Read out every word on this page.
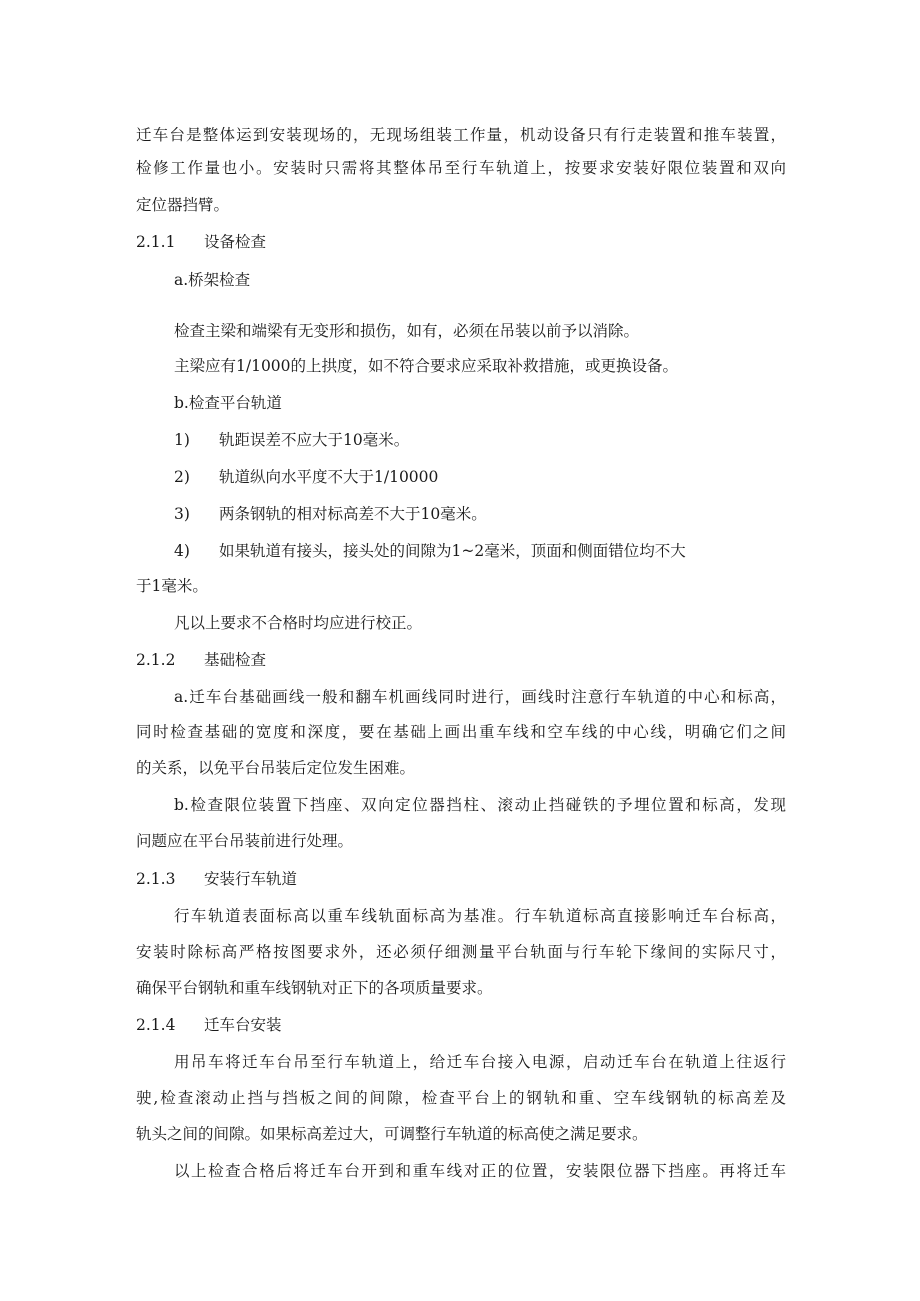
迁车台是整体运到安装现场的，无现场组装工作量，机动设备只有行走装置和推车装置，
检修工作量也小。安装时只需将其整体吊至行车轨道上，按要求安装好限位装置和双向
定位器挡臂。
2.1.1 设备检查
a.桥架检查
检查主梁和端梁有无变形和损伤，如有，必须在吊装以前予以消除。
主梁应有1/1000的上拱度，如不符合要求应采取补救措施，或更换设备。
b.检查平台轨道
1) 轨距误差不应大于10毫米。
2) 轨道纵向水平度不大于1/10000
3) 两条钢轨的相对标高差不大于10毫米。
4) 如果轨道有接头，接头处的间隙为1~2毫米，顶面和侧面错位均不大
于1毫米。
凡以上要求不合格时均应进行校正。
2.1.2 基础检查
a.迁车台基础画线一般和翻车机画线同时进行，画线时注意行车轨道的中心和标高，
同时检查基础的宽度和深度，要在基础上画出重车线和空车线的中心线，明确它们之间
的关系，以免平台吊装后定位发生困难。
b.检查限位装置下挡座、双向定位器挡柱、滚动止挡碰铁的予埋位置和标高，发现
问题应在平台吊装前进行处理。
2.1.3 安装行车轨道
行车轨道表面标高以重车线轨面标高为基准。行车轨道标高直接影响迁车台标高，
安装时除标高严格按图要求外，还必须仔细测量平台轨面与行车轮下缘间的实际尺寸，
确保平台钢轨和重车线钢轨对正下的各项质量要求。
2.1.4 迁车台安装
用吊车将迁车台吊至行车轨道上，给迁车台接入电源，启动迁车台在轨道上往返行
驶,检查滚动止挡与挡板之间的间隙，检查平台上的钢轨和重、空车线钢轨的标高差及
轨头之间的间隙。如果标高差过大，可调整行车轨道的标高使之满足要求。
以上检查合格后将迁车台开到和重车线对正的位置，安装限位器下挡座。再将迁车
